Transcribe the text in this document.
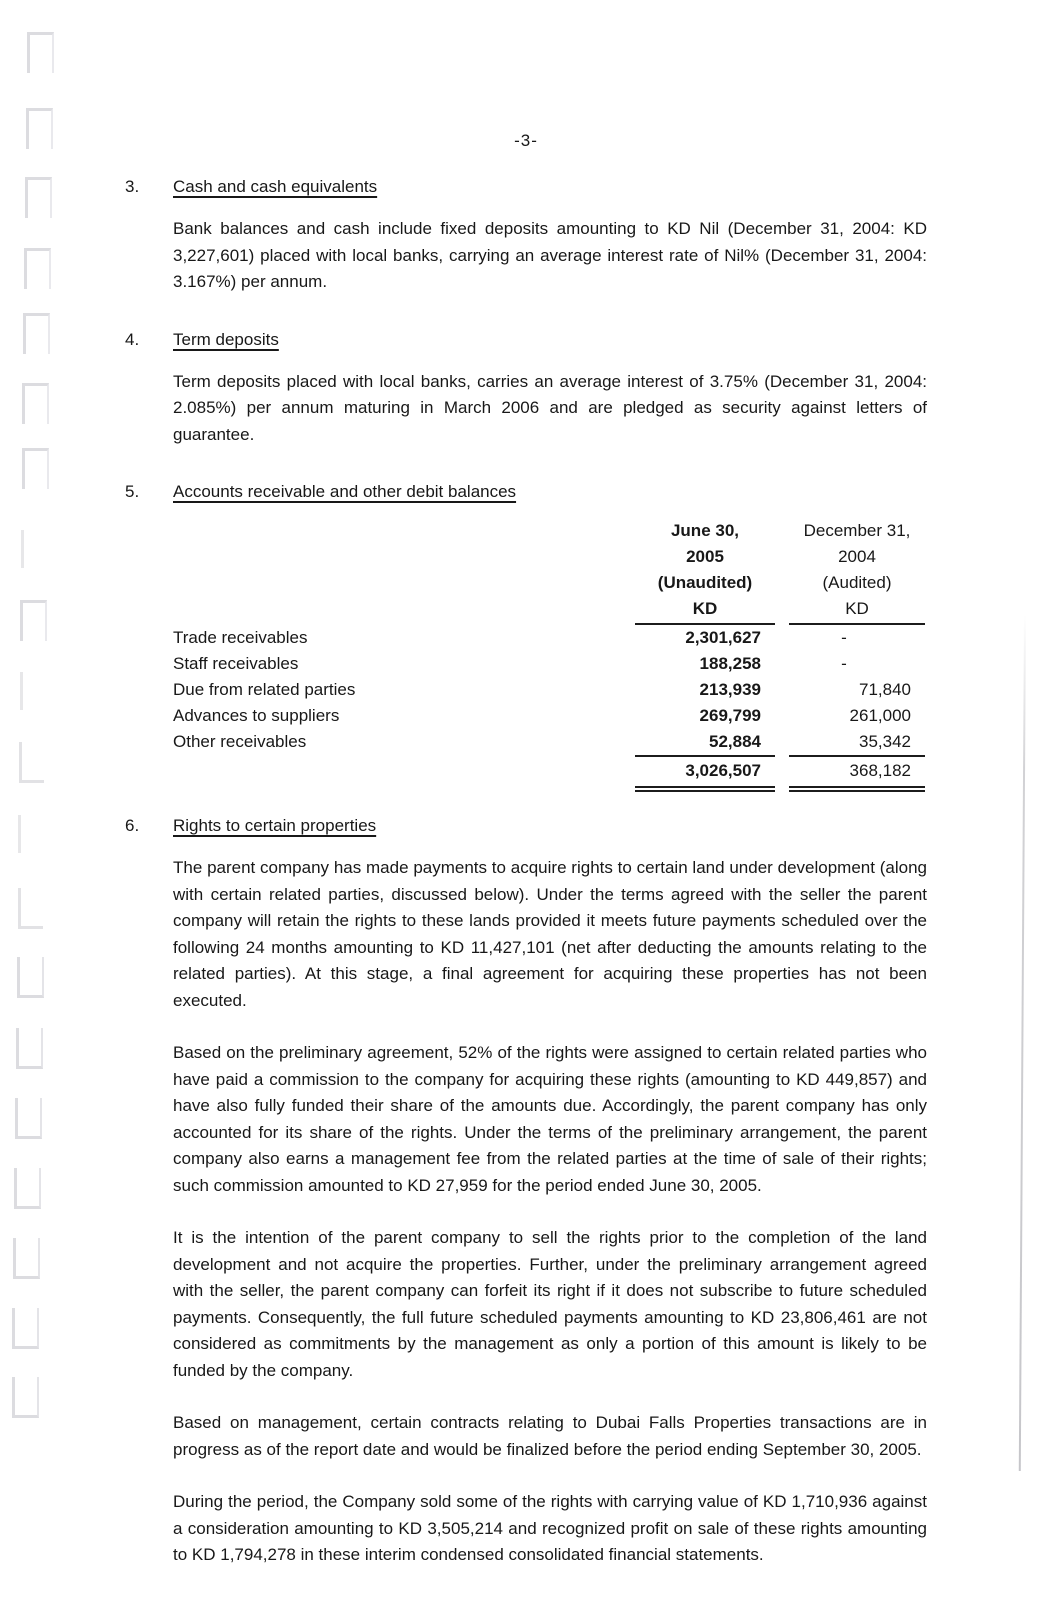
-3-
3.	Cash and cash equivalents

Bank balances and cash include fixed deposits amounting to KD Nil (December 31, 2004: KD 3,227,601) placed with local banks, carrying an average interest rate of Nil% (December 31, 2004: 3.167%) per annum.

4.	Term deposits

Term deposits placed with local banks, carries an average interest of 3.75% (December 31, 2004: 2.085%) per annum maturing in March 2006 and are pledged as security against letters of guarantee.

5.	Accounts receivable and other debit balances
June 30,
2005
(Unaudited)
KD
December 31,
2004
(Audited)
KD
Trade receivables	2,301,627	-
Staff receivables	188,258	-
Due from related parties	213,939	71,840
Advances to suppliers	269,799	261,000
Other receivables	52,884	35,342
3,026,507	368,182
6.	Rights to certain properties

The parent company has made payments to acquire rights to certain land under development (along with certain related parties, discussed below). Under the terms agreed with the seller the parent company will retain the rights to these lands provided it meets future payments scheduled over the following 24 months amounting to KD 11,427,101 (net after deducting the amounts relating to the related parties). At this stage, a final agreement for acquiring these properties has not been executed.

Based on the preliminary agreement, 52% of the rights were assigned to certain related parties who have paid a commission to the company for acquiring these rights (amounting to KD 449,857) and have also fully funded their share of the amounts due. Accordingly, the parent company has only accounted for its share of the rights. Under the terms of the preliminary arrangement, the parent company also earns a management fee from the related parties at the time of sale of their rights; such commission amounted to KD 27,959 for the period ended June 30, 2005.

It is the intention of the parent company to sell the rights prior to the completion of the land development and not acquire the properties. Further, under the preliminary arrangement agreed with the seller, the parent company can forfeit its right if it does not subscribe to future scheduled payments. Consequently, the full future scheduled payments amounting to KD 23,806,461 are not considered as commitments by the management as only a portion of this amount is likely to be funded by the company.

Based on management, certain contracts relating to Dubai Falls Properties transactions are in progress as of the report date and would be finalized before the period ending September 30, 2005.

During the period, the Company sold some of the rights with carrying value of KD 1,710,936 against a consideration amounting to KD 3,505,214 and recognized profit on sale of these rights amounting to KD 1,794,278 in these interim condensed consolidated financial statements.
